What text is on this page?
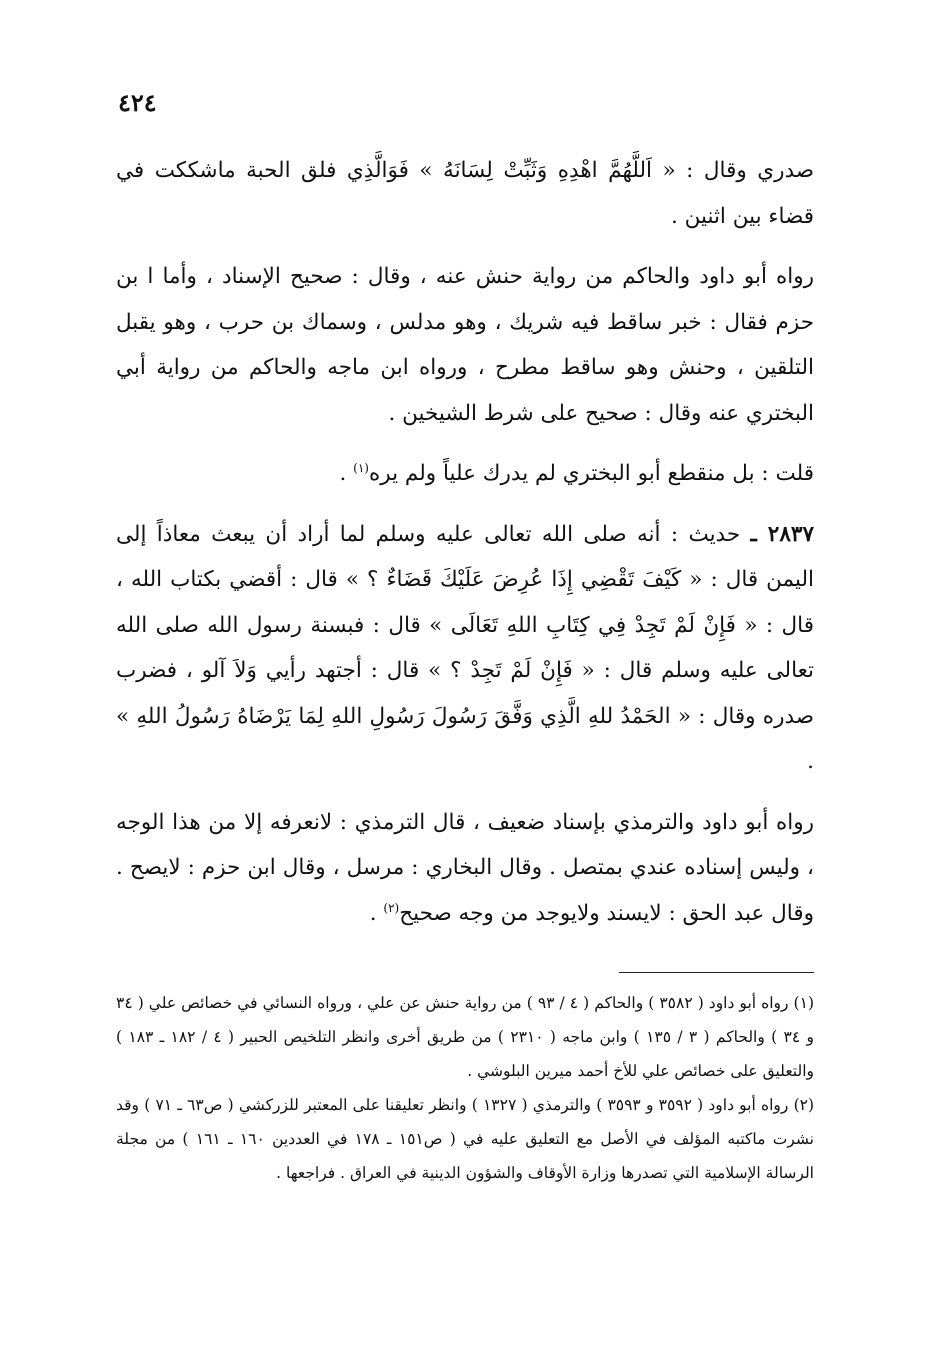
٤٢٤

صدري وقال : « اَللَّهُمَّ اهْدِهِ وَثَبِّتْ لِسَانَهُ » فَوَالَّذِي فلق الحبة ماشككت في قضاء بين اثنين .

رواه أبو داود والحاكم من رواية حنش عنه ، وقال : صحيح الإسناد ، وأما ا بن حزم فقال : خبر ساقط فيه شريك ، وهو مدلس ، وسماك بن حرب ، وهو يقبل التلقين ، وحنش وهو ساقط مطرح ، ورواه ابن ماجه والحاكم من رواية أبي البختري عنه وقال : صحيح على شرط الشيخين .

قلت : بل منقطع أبو البختري لم يدرك علياً ولم يره$^{(١)}$ .

٢٨٣٧ ـ حديث : أنه صلى الله تعالى عليه وسلم لما أراد أن يبعث معاذاً إلى اليمن قال : « كَيْفَ تَقْضِي إِذَا عُرِضَ عَلَيْكَ قَضَاءٌ ؟ » قال : أقضي بكتاب الله ، قال : « فَإِنْ لَمْ تَجِدْ فِي كِتَابِ اللهِ تَعَالَى » قال : فبسنة رسول الله صلى الله تعالى عليه وسلم قال : « فَإِنْ لَمْ تَجِدْ ؟ » قال : أجتهد رأيي وَلاَ آلو ، فضرب صدره وقال : « الحَمْدُ للهِ الَّذِي وَفَّقَ رَسُولَ رَسُولِ اللهِ لِمَا يَرْضَاهُ رَسُولُ اللهِ » .

رواه أبو داود والترمذي بإسناد ضعيف ، قال الترمذي : لانعرفه إلا من هذا الوجه ، وليس إسناده عندي بمتصل . وقال البخاري : مرسل ، وقال ابن حزم : لايصح . وقال عبد الحق : لايسند ولايوجد من وجه صحيح$^{(٢)}$ .

(١) رواه أبو داود ( ٣٥٨٢ ) والحاكم ( ٤ / ٩٣ ) من رواية حنش عن علي ، ورواه النسائي في خصائص علي ( ٣٤ و ٣٤ ) والحاكم ( ٣ / ١٣٥ ) وابن ماجه ( ٢٣١٠ ) من طريق أخرى وانظر التلخيص الحبير ( ٤ / ١٨٢ ـ ١٨٣ ) والتعليق على خصائص علي للأخ أحمد ميرين البلوشي .

(٢) رواه أبو داود ( ٣٥٩٢ و ٣٥٩٣ ) والترمذي ( ١٣٢٧ ) وانظر تعليقنا على المعتبر للزركشي ( ص٦٣ ـ ٧١ ) وقد نشرت ماكتبه المؤلف في الأصل مع التعليق عليه في ( ص١٥١ ـ ١٧٨ في العددين ١٦٠ ـ ١٦١ ) من مجلة الرسالة الإسلامية التي تصدرها وزارة الأوقاف والشؤون الدينية في العراق . فراجعها .
